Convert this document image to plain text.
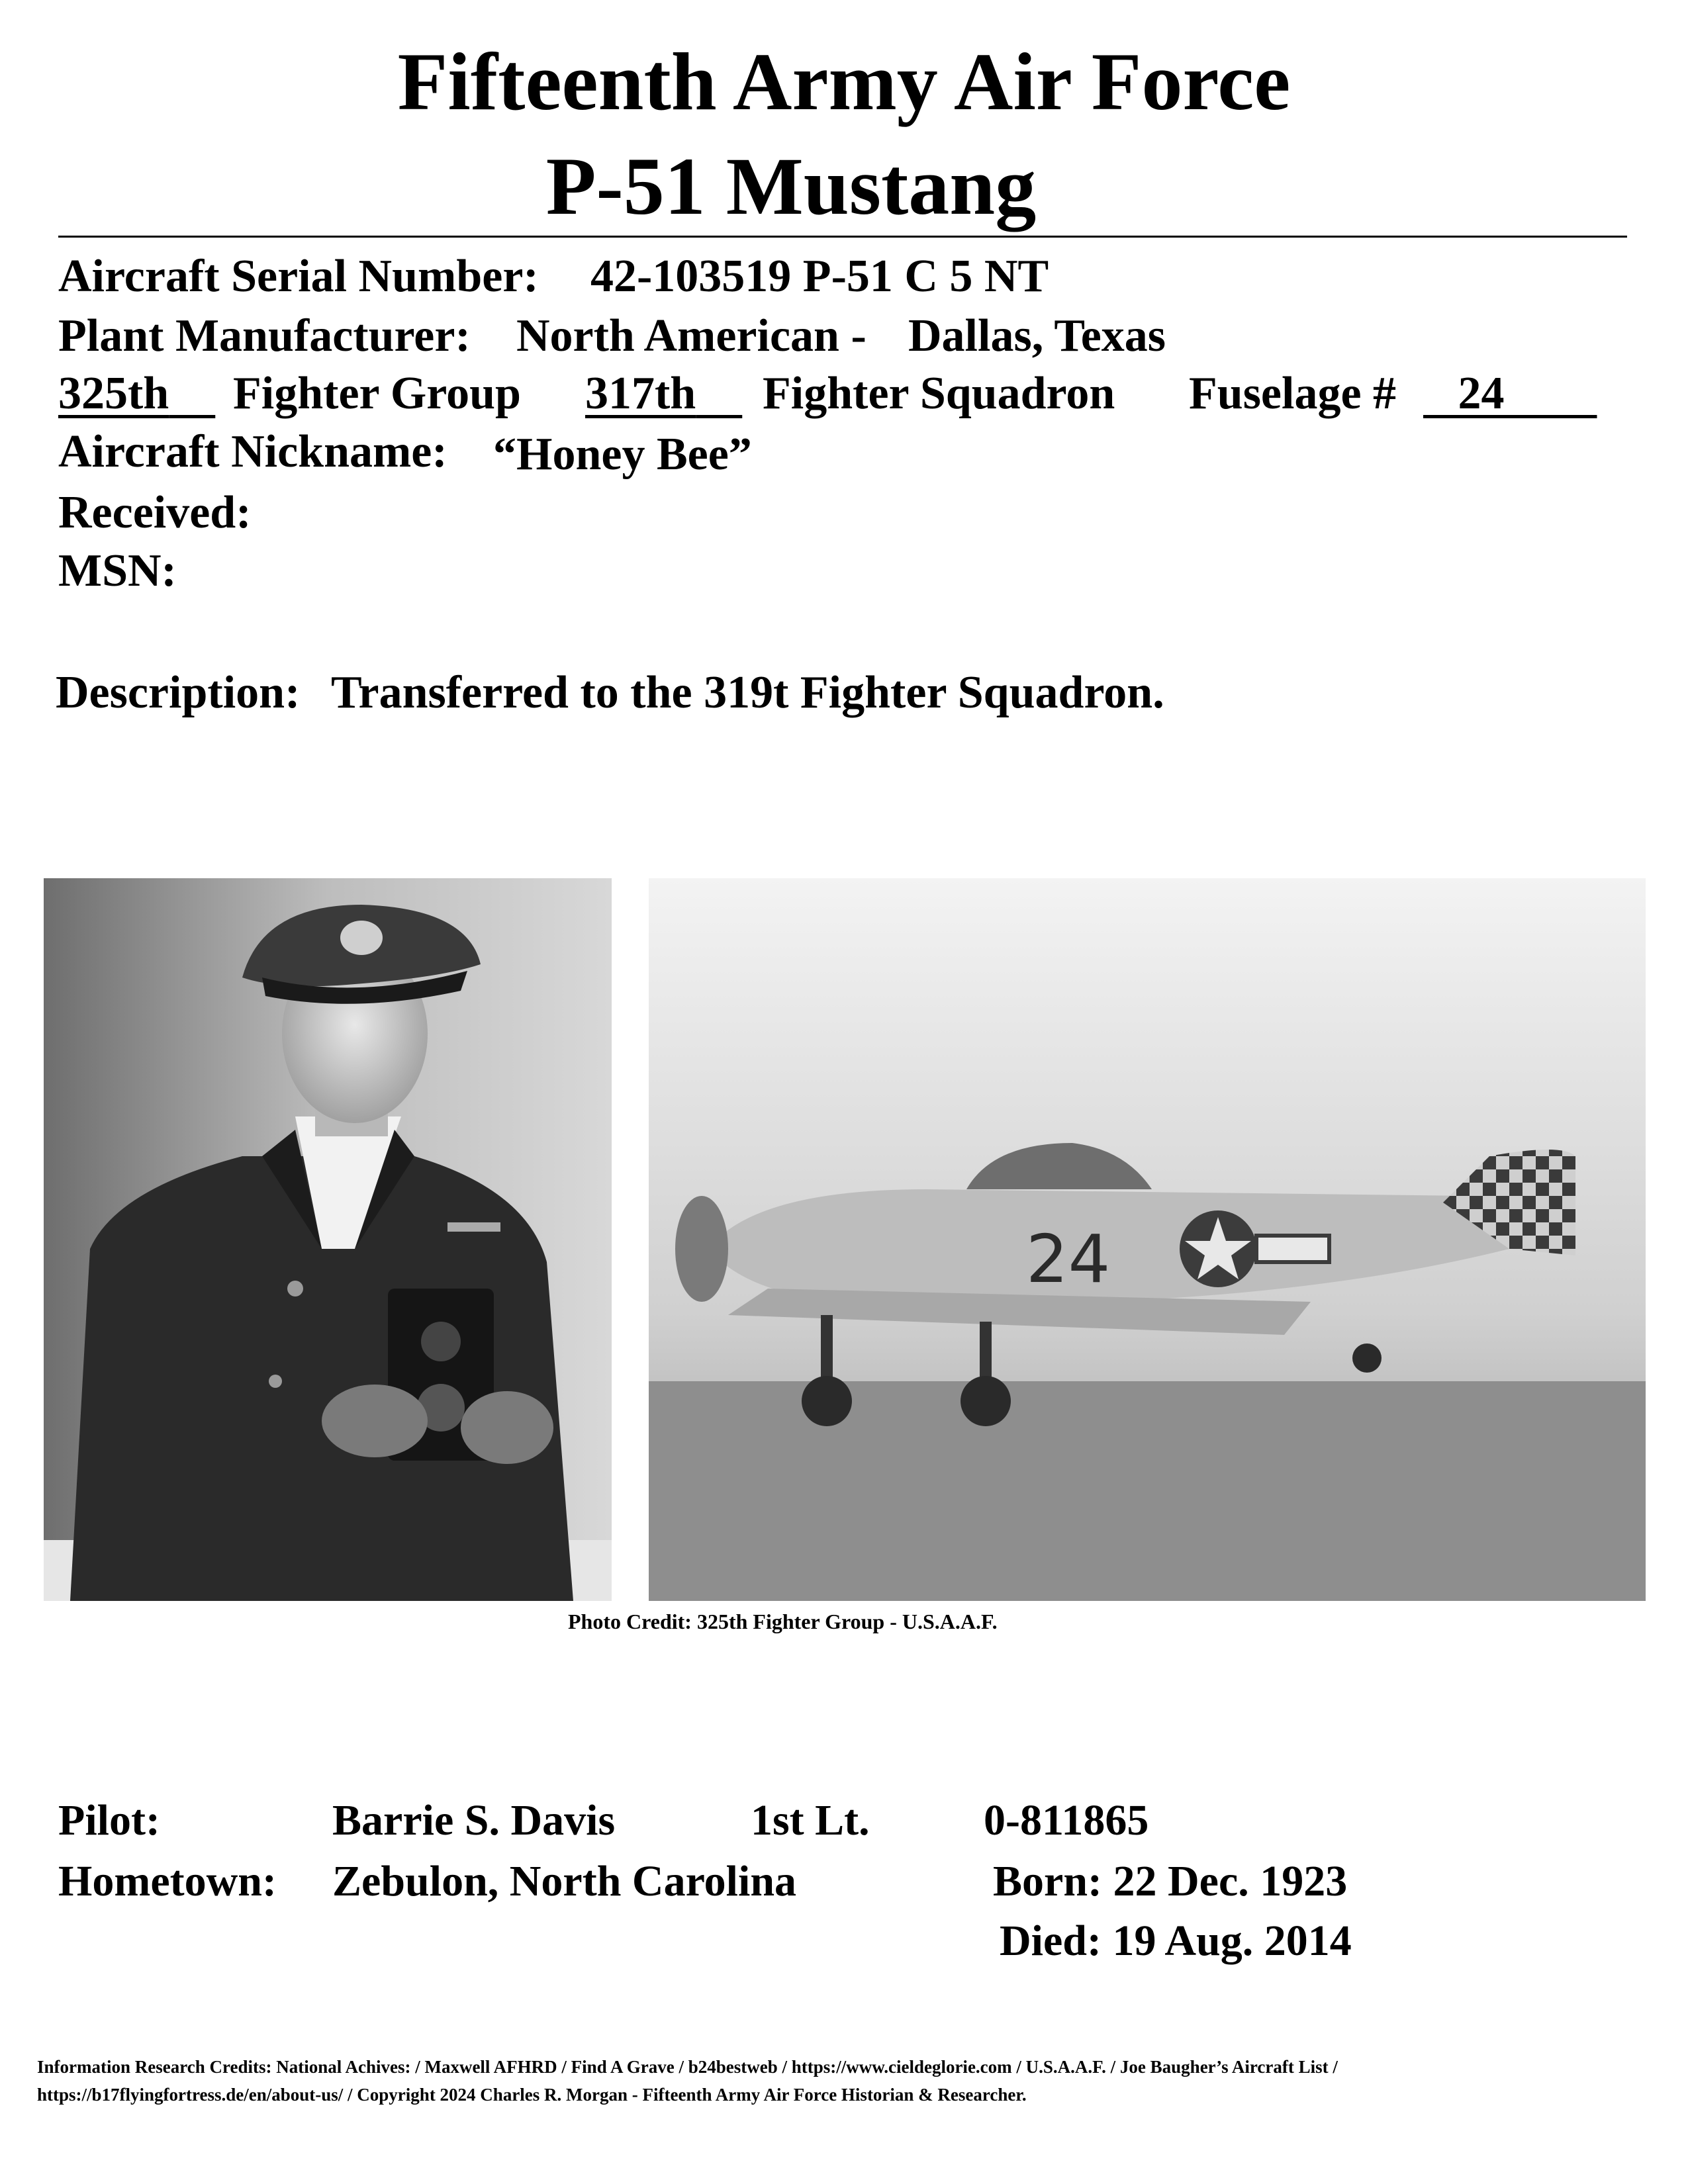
Fifteenth Army Air Force
P-51 Mustang
Aircraft Serial Number: 42-103519 P-51 C 5 NT
Plant Manufacturer: North American - Dallas, Texas
325th	Fighter Group 317th	Fighter Squadron Fuselage #	24
Aircraft Nickname: “Honey Bee”
Received:
MSN:
Description: Transferred to the 319t Fighter Squadron.
24
Photo Credit: 325th Fighter Group - U.S.A.A.F.
Pilot:	Barrie S. Davis	1st Lt.	0-811865
Hometown: Zebulon, North Carolina	Born: 22 Dec. 1923
Died: 19 Aug. 2014
Information Research Credits: National Achives: / Maxwell AFHRD / Find A Grave / b24bestweb / https://www.cieldeglorie.com / U.S.A.A.F. / Joe Baugher’s Aircraft List /
https://b17flyingfortress.de/en/about-us/ / Copyright 2024 Charles R. Morgan - Fifteenth Army Air Force Historian & Researcher.
